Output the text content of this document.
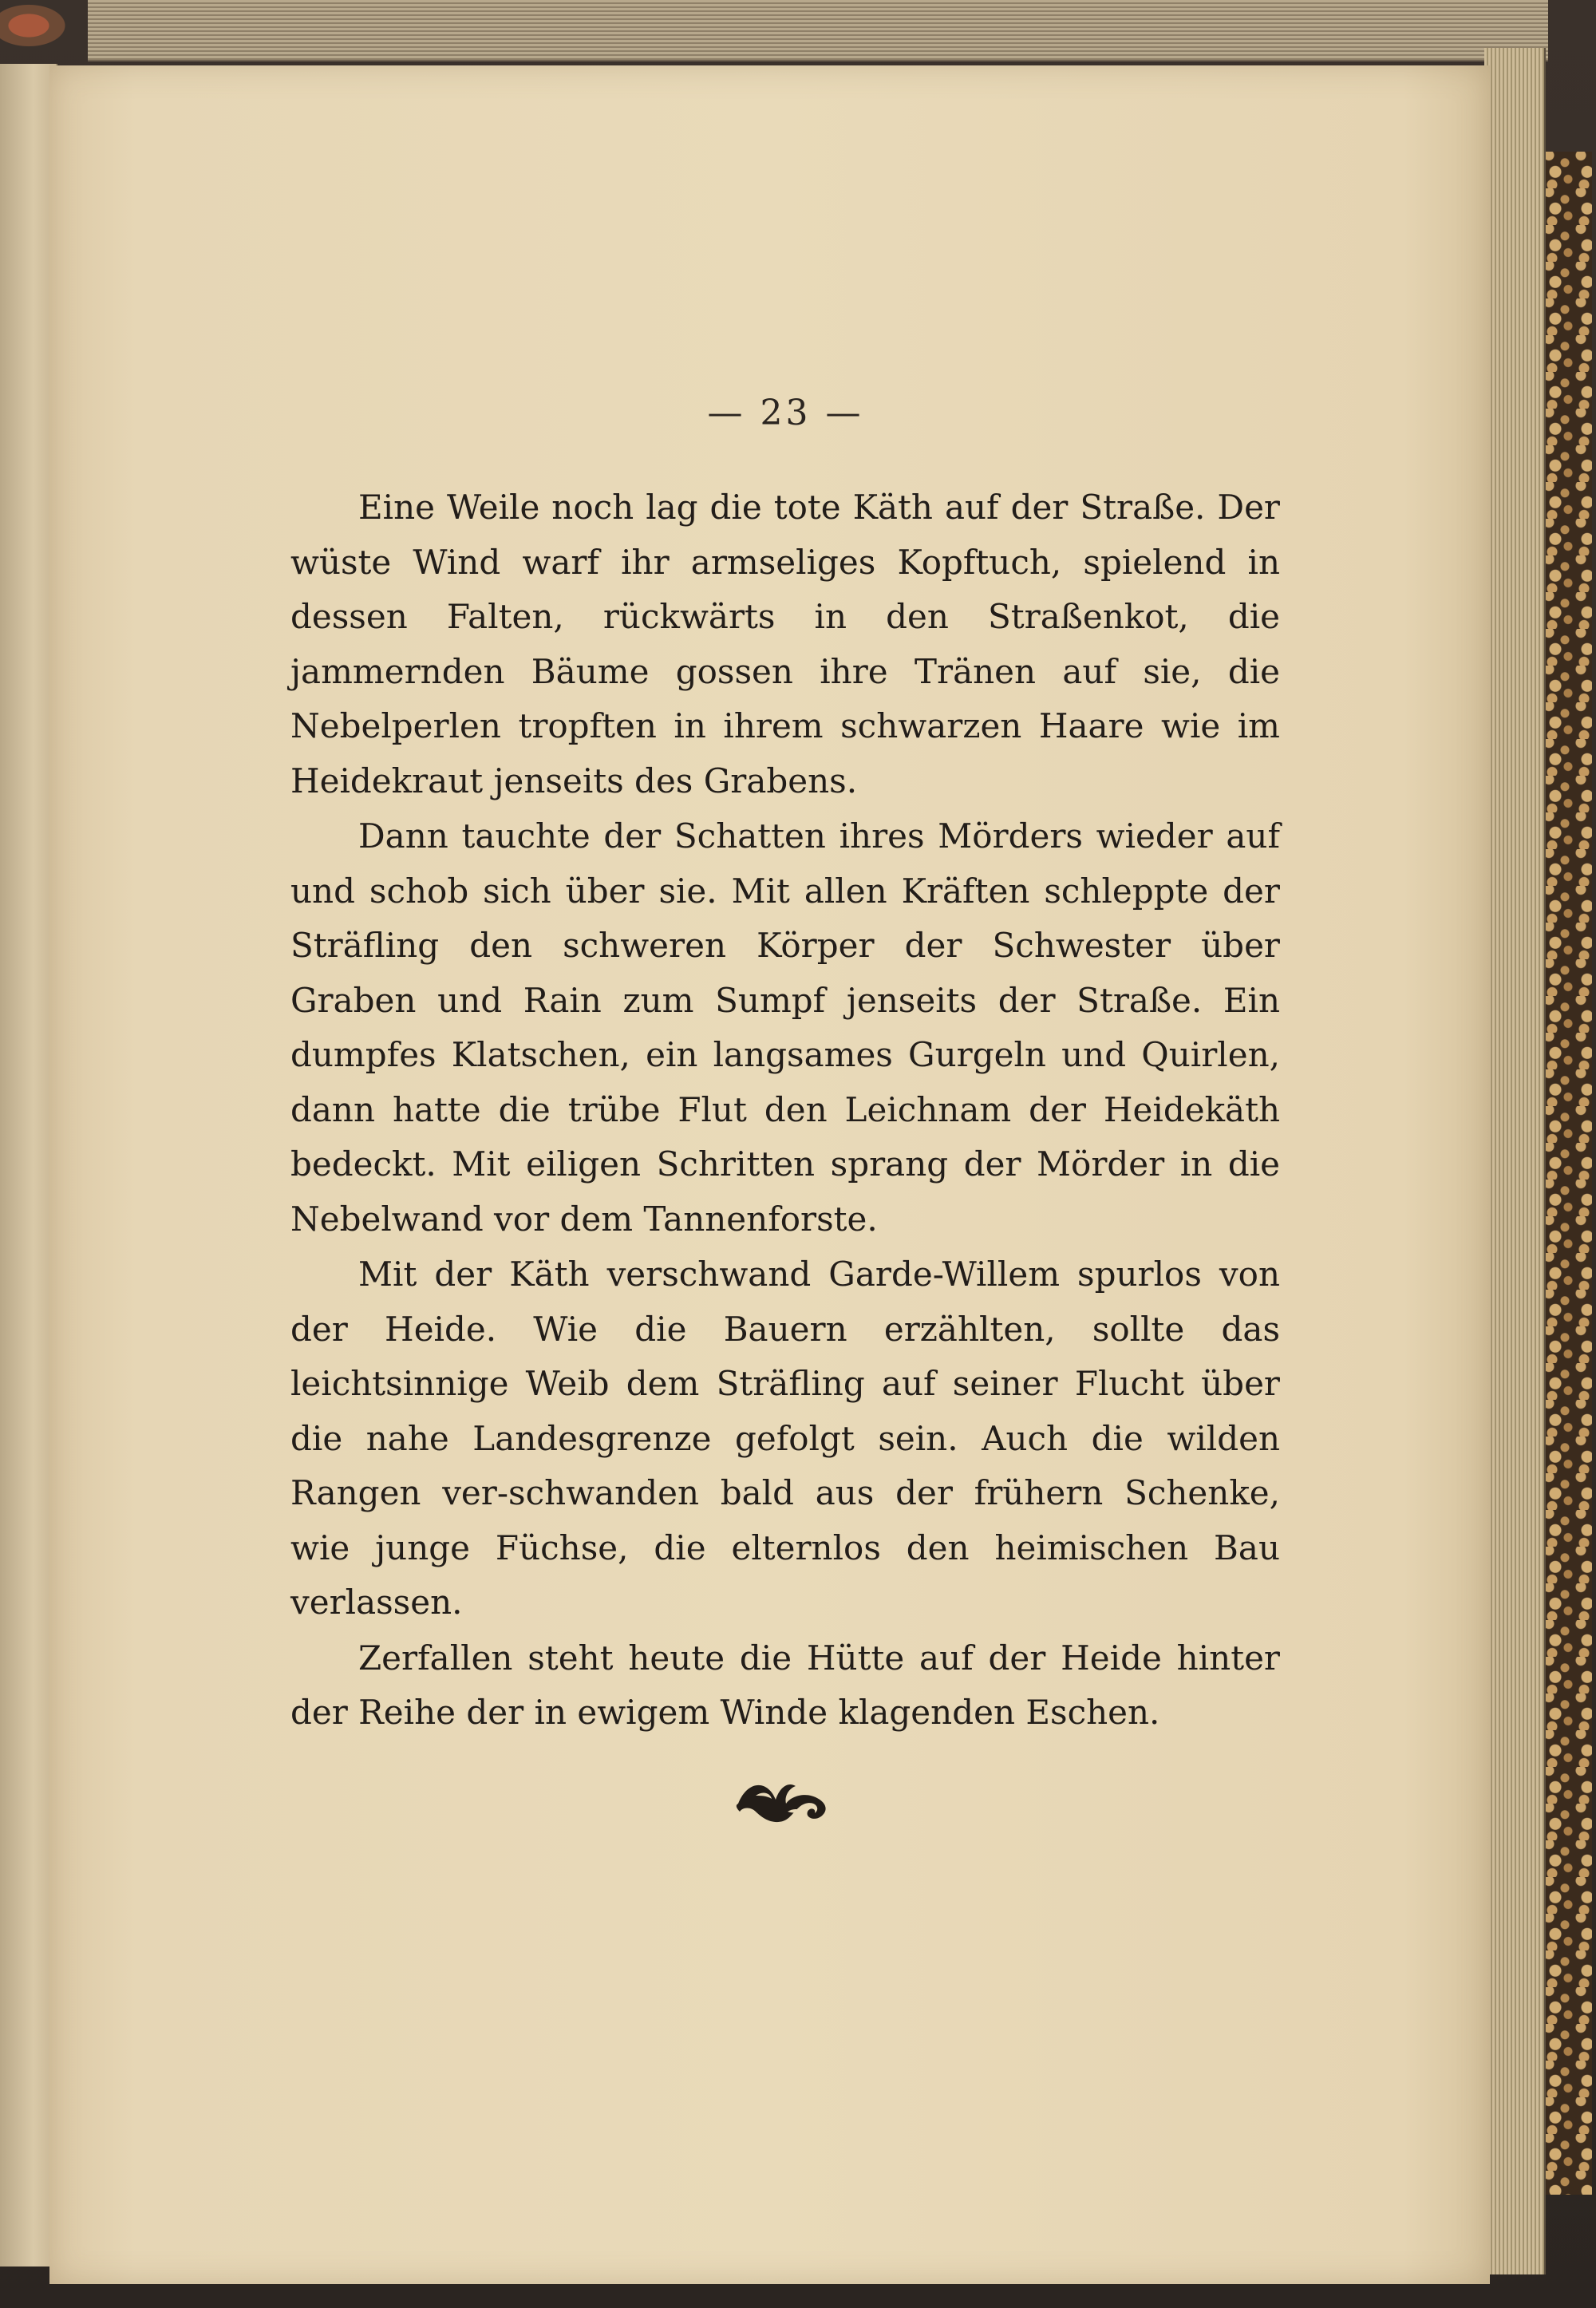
— 23 —

Eine Weile noch lag die tote Käth auf der Straße. Der wüste Wind warf ihr armseliges Kopftuch, spielend in dessen Falten, rückwärts in den Straßenkot, die jammernden Bäume gossen ihre Tränen auf sie, die Nebelperlen tropften in ihrem schwarzen Haare wie im Heidekraut jenseits des Grabens.

Dann tauchte der Schatten ihres Mörders wieder auf und schob sich über sie. Mit allen Kräften schleppte der Sträfling den schweren Körper der Schwester über Graben und Rain zum Sumpf jenseits der Straße. Ein dumpfes Klatschen, ein langsames Gurgeln und Quirlen, dann hatte die trübe Flut den Leichnam der Heidekäth bedeckt. Mit eiligen Schritten sprang der Mörder in die Nebelwand vor dem Tannenforste.

Mit der Käth verschwand Garde-Willem spurlos von der Heide. Wie die Bauern erzählten, sollte das leichtsinnige Weib dem Sträfling auf seiner Flucht über die nahe Landesgrenze gefolgt sein. Auch die wilden Rangen ver-schwanden bald aus der frühern Schenke, wie junge Füchse, die elternlos den heimischen Bau verlassen.

Zerfallen steht heute die Hütte auf der Heide hinter der Reihe der in ewigem Winde klagenden Eschen.
